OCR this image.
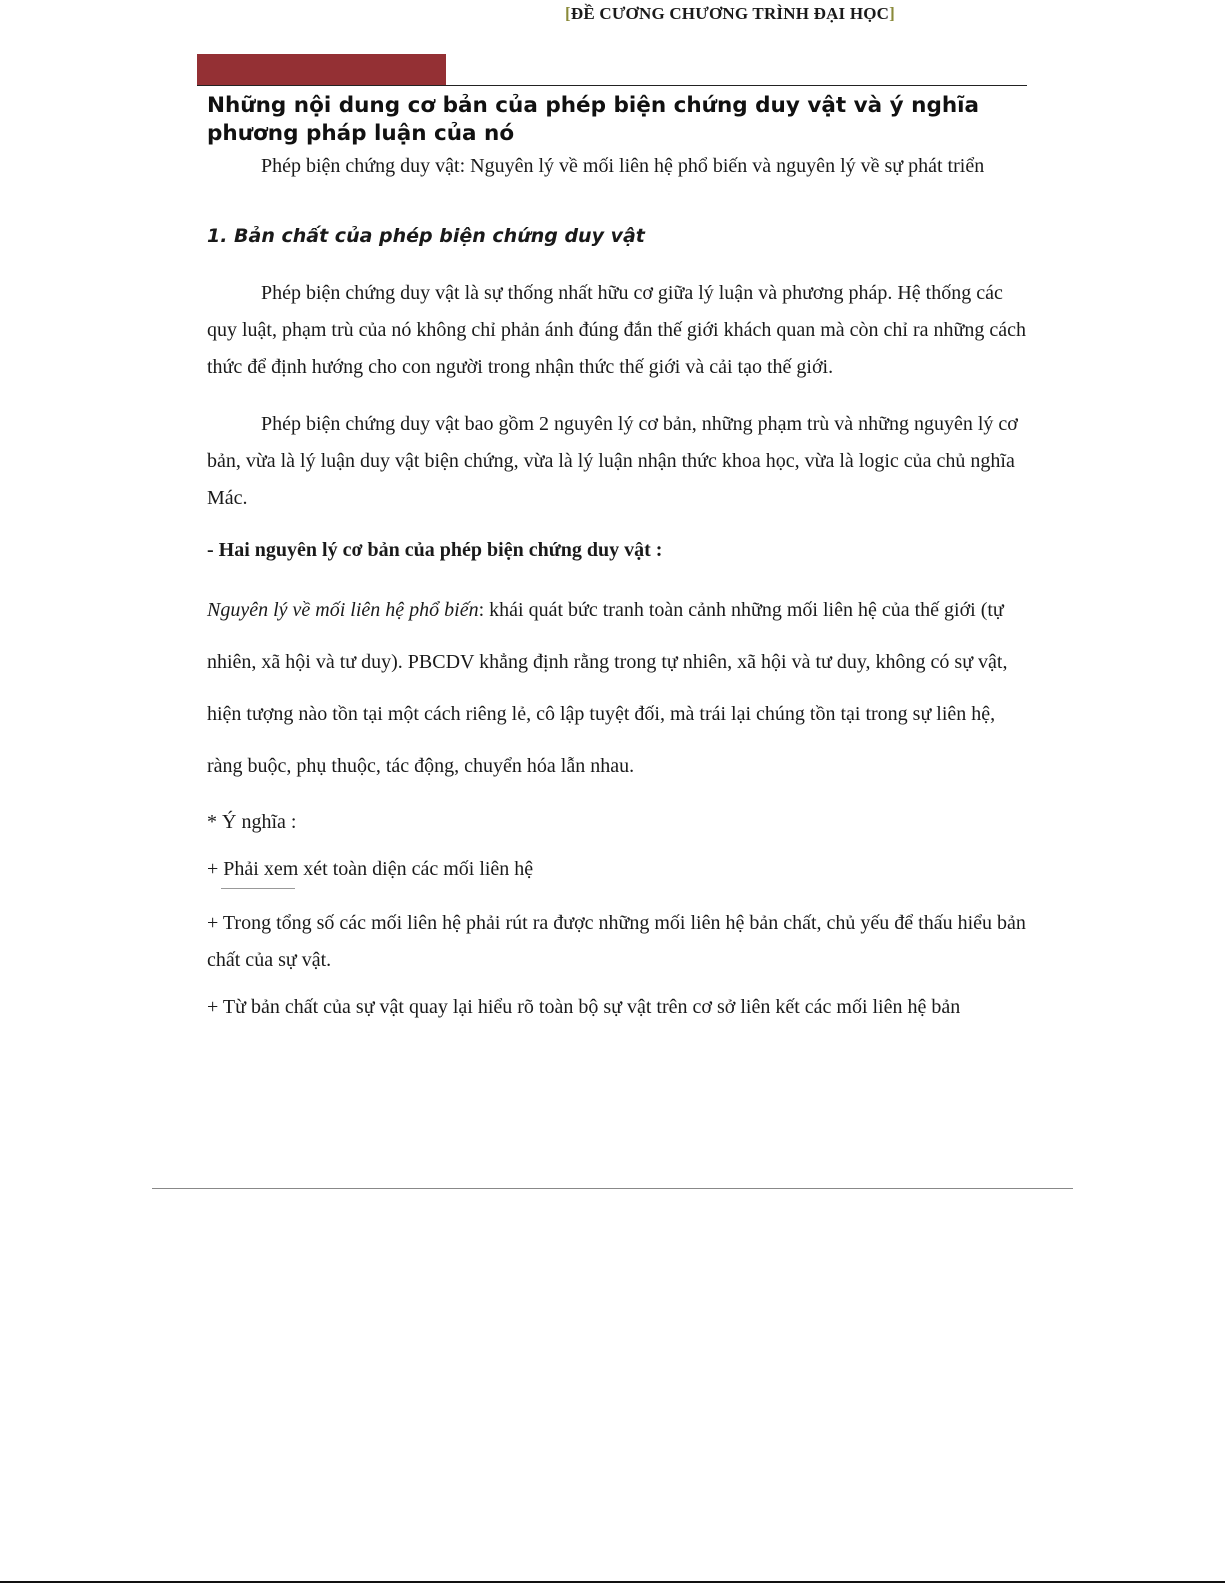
[ĐỀ CƯƠNG CHƯƠNG TRÌNH ĐẠI HỌC]
Những nội dung cơ bản của phép biện chứng duy vật và ý nghĩa phương pháp luận của nó

Phép biện chứng duy vật: Nguyên lý về mối liên hệ phổ biến và nguyên lý về sự phát triển

1. Bản chất của phép biện chứng duy vật

Phép biện chứng duy vật là sự thống nhất hữu cơ giữa lý luận và phương pháp. Hệ thống các quy luật, phạm trù của nó không chỉ phản ánh đúng đắn thế giới khách quan mà còn chỉ ra những cách thức để định hướng cho con người trong nhận thức thế giới và cải tạo thế giới.

Phép biện chứng duy vật bao gồm 2 nguyên lý cơ bản, những phạm trù và những nguyên lý cơ bản, vừa là lý luận duy vật biện chứng, vừa là lý luận nhận thức khoa học, vừa là logic của chủ nghĩa Mác.

- Hai nguyên lý cơ bản của phép biện chứng duy vật :

Nguyên lý về mối liên hệ phổ biến: khái quát bức tranh toàn cảnh những mối liên hệ của thế giới (tự nhiên, xã hội và tư duy). PBCDV khẳng định rằng trong tự nhiên, xã hội và tư duy, không có sự vật, hiện tượng nào tồn tại một cách riêng lẻ, cô lập tuyệt đối, mà trái lại chúng tồn tại trong sự liên hệ, ràng buộc, phụ thuộc, tác động, chuyển hóa lẫn nhau.

* Ý nghĩa :

+ Phải xem xét toàn diện các mối liên hệ

+ Trong tổng số các mối liên hệ phải rút ra được những mối liên hệ bản chất, chủ yếu để thấu hiểu bản chất của sự vật.

+ Từ bản chất của sự vật quay lại hiểu rõ toàn bộ sự vật trên cơ sở liên kết các mối liên hệ bản
